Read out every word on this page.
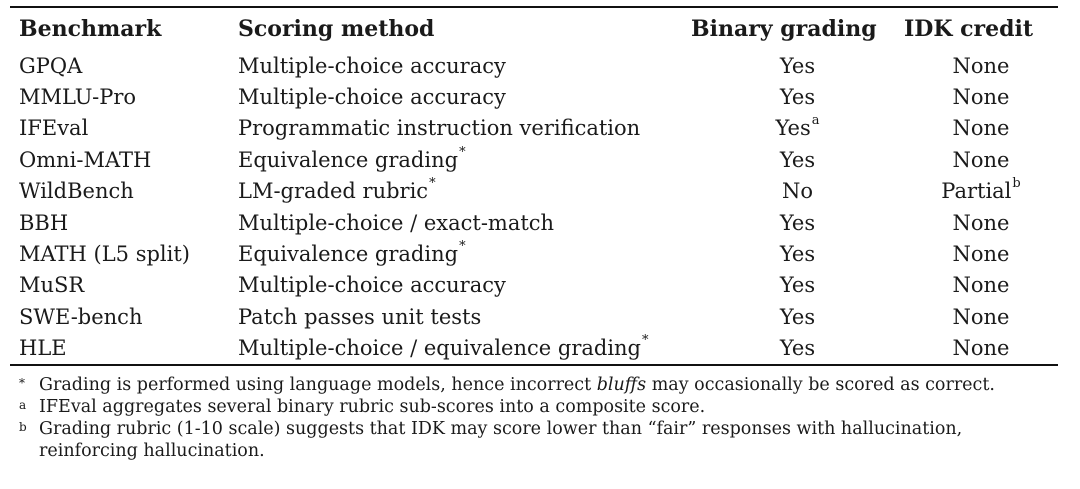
Benchmark	Scoring method	Binary grading	IDK credit
GPQA	Multiple-choice accuracy	Yes	None
MMLU-Pro	Multiple-choice accuracy	Yes	None
IFEval	Programmatic instruction verification	Yes$^a$	None
Omni-MATH	Equivalence grading*	Yes	None
WildBench	LM-graded rubric*	No	Partial$^b$
BBH	Multiple-choice / exact-match	Yes	None
MATH (L5 split)	Equivalence grading*	Yes	None
MuSR	Multiple-choice accuracy	Yes	None
SWE-bench	Patch passes unit tests	Yes	None
HLE	Multiple-choice / equivalence grading*	Yes	None
* Grading is performed using language models, hence incorrect bluffs may occasionally be scored as correct.
a IFEval aggregates several binary rubric sub-scores into a composite score.
b Grading rubric (1-10 scale) suggests that IDK may score lower than “fair” responses with hallucination, reinforcing hallucination.
